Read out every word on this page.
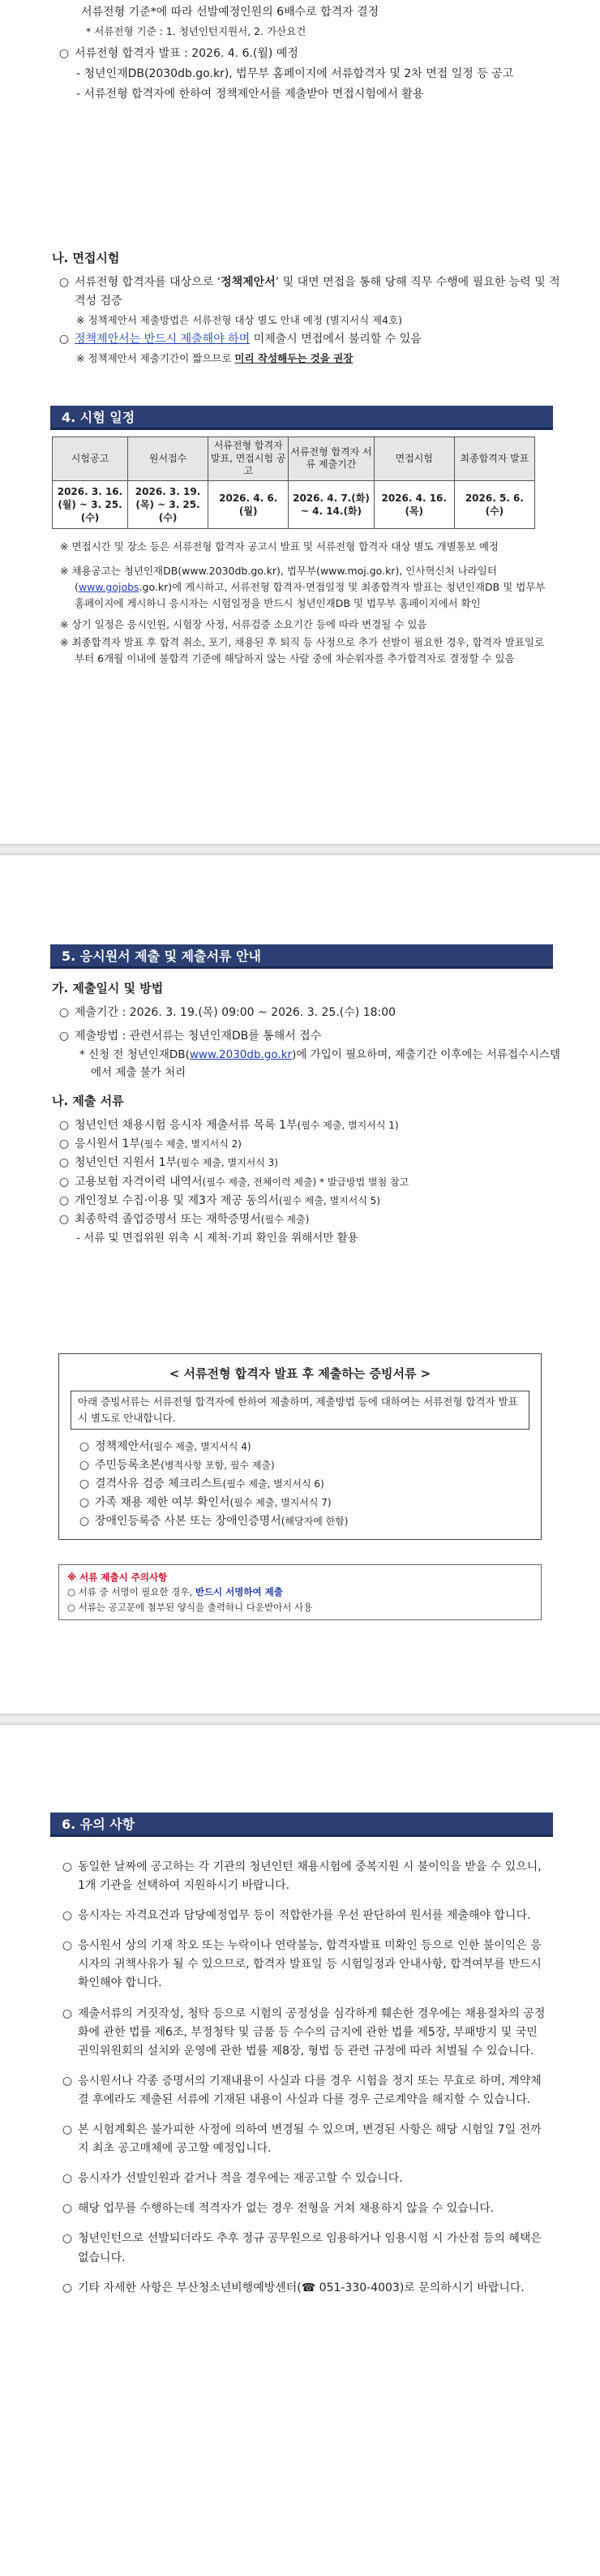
서류전형 기준*에 따라 선발예정인원의 6배수로 합격자 결정
* 서류전형 기준 : 1. 청년인턴지원서, 2. 가산요건
○ 서류전형 합격자 발표 : 2026. 4. 6.(월) 예정
- 청년인재DB(2030db.go.kr), 법무부 홈페이지에 서류합격자 및 2차 면접 일정 등 공고
- 서류전형 합격자에 한하여 정책제안서를 제출받아 면접시험에서 활용
나. 면접시험
○ 서류전형 합격자를 대상으로 ‘정책제안서’ 및 대면 면접을 통해 당해 직무 수행에 필요한 능력 및 적격성 검증
※ 정책제안서 제출방법은 서류전형 대상 별도 안내 예정 (별지서식 제4호)
○ 정책제안서는 반드시 제출해야 하며 미제출시 면접에서 불리할 수 있음
※ 정책제안서 제출기간이 짧으므로 미리 작성해두는 것을 권장
4. 시험 일정
시험공고	원서접수	서류전형 합격자 발표, 면접시험 공고	서류전형 합격자 서류 제출기간	면접시험	최종합격자 발표
2026. 3. 16.(월) ~ 3. 25.(수)	2026. 3. 19.(목) ~ 3. 25.(수)	2026. 4. 6.(월)	2026. 4. 7.(화) ~ 4. 14.(화)	2026. 4. 16.(목)	2026. 5. 6.(수)
※ 면접시간 및 장소 등은 서류전형 합격자 공고시 발표 및 서류전형 합격자 대상 별도 개별통보 예정
※ 채용공고는 청년인재DB(www.2030db.go.kr), 법무부(www.moj.go.kr), 인사혁신처 나라일터(www.gojobs.go.kr)에 게시하고, 서류전형 합격자·면접일정 및 최종합격자 발표는 청년인재DB 및 법무부 홈페이지에 게시하니 응시자는 시험일정을 반드시 청년인재DB 및 법무부 홈페이지에서 확인
※ 상기 일정은 응시인원, 시험장 사정, 서류검증 소요기간 등에 따라 변경될 수 있음
※ 최종합격자 발표 후 합격 취소, 포기, 채용된 후 퇴직 등 사정으로 추가 선발이 필요한 경우, 합격자 발표일로부터 6개월 이내에 불합격 기준에 해당하지 않는 사람 중에 차순위자를 추가합격자로 결정할 수 있음
5. 응시원서 제출 및 제출서류 안내
가. 제출일시 및 방법
○ 제출기간 : 2026. 3. 19.(목) 09:00 ~ 2026. 3. 25.(수) 18:00
○ 제출방법 : 관련서류는 청년인재DB를 통해서 접수
* 신청 전 청년인재DB(www.2030db.go.kr)에 가입이 필요하며, 제출기간 이후에는 서류접수시스템에서 제출 불가 처리
나. 제출 서류
○ 청년인턴 채용시험 응시자 제출서류 목록 1부(필수 제출, 별지서식 1)
○ 응시원서 1부(필수 제출, 별지서식 2)
○ 청년인턴 지원서 1부(필수 제출, 별지서식 3)
○ 고용보험 자격이력 내역서(필수 제출, 전체이력 제출) * 발급방법 별첨 참고
○ 개인정보 수집·이용 및 제3자 제공 동의서(필수 제출, 별지서식 5)
○ 최종학력 졸업증명서 또는 재학증명서(필수 제출)
- 서류 및 면접위원 위촉 시 제척·기피 확인을 위해서만 활용
< 서류전형 합격자 발표 후 제출하는 증빙서류 >
아래 증빙서류는 서류전형 합격자에 한하여 제출하며, 제출방법 등에 대하여는 서류전형 합격자 발표 시 별도로 안내합니다.
○ 정책제안서(필수 제출, 별지서식 4)
○ 주민등록초본(병적사항 포함, 필수 제출)
○ 결격사유 검증 체크리스트(필수 제출, 별지서식 6)
○ 가족 채용 제한 여부 확인서(필수 제출, 별지서식 7)
○ 장애인등록증 사본 또는 장애인증명서(해당자에 한함)
※ 서류 제출시 주의사항
○ 서류 중 서명이 필요한 경우, 반드시 서명하여 제출
○ 서류는 공고문에 첨부된 양식을 출력하니 다운받아서 사용
6. 유의 사항
○ 동일한 날짜에 공고하는 각 기관의 청년인턴 채용시험에 중복지원 시 불이익을 받을 수 있으니, 1개 기관을 선택하여 지원하시기 바랍니다.
○ 응시자는 자격요건과 담당예정업무 등이 적합한가를 우선 판단하여 원서를 제출해야 합니다.
○ 응시원서 상의 기재 착오 또는 누락이나 연락불능, 합격자발표 미확인 등으로 인한 불이익은 응시자의 귀책사유가 될 수 있으므로, 합격자 발표일 등 시험일정과 안내사항, 합격여부를 반드시 확인해야 합니다.
○ 제출서류의 거짓작성, 청탁 등으로 시험의 공정성을 심각하게 훼손한 경우에는 채용절차의 공정화에 관한 법률 제6조, 부정청탁 및 금품 등 수수의 금지에 관한 법률 제5장, 부패방지 및 국민권익위원회의 설치와 운영에 관한 법률 제8장, 형법 등 관련 규정에 따라 처벌될 수 있습니다.
○ 응시원서나 각종 증명서의 기재내용이 사실과 다를 경우 시험을 정지 또는 무효로 하며, 계약체결 후에라도 제출된 서류에 기재된 내용이 사실과 다를 경우 근로계약을 해지할 수 있습니다.
○ 본 시험계획은 불가피한 사정에 의하여 변경될 수 있으며, 변경된 사항은 해당 시험일 7일 전까지 최초 공고매체에 공고할 예정입니다.
○ 응시자가 선발인원과 같거나 적을 경우에는 재공고할 수 있습니다.
○ 해당 업무를 수행하는데 적격자가 없는 경우 전형을 거쳐 채용하지 않을 수 있습니다.
○ 청년인턴으로 선발되더라도 추후 정규 공무원으로 임용하거나 임용시험 시 가산점 등의 혜택은 없습니다.
○ 기타 자세한 사항은 부산청소년비행예방센터(☎ 051-330-4003)로 문의하시기 바랍니다.
